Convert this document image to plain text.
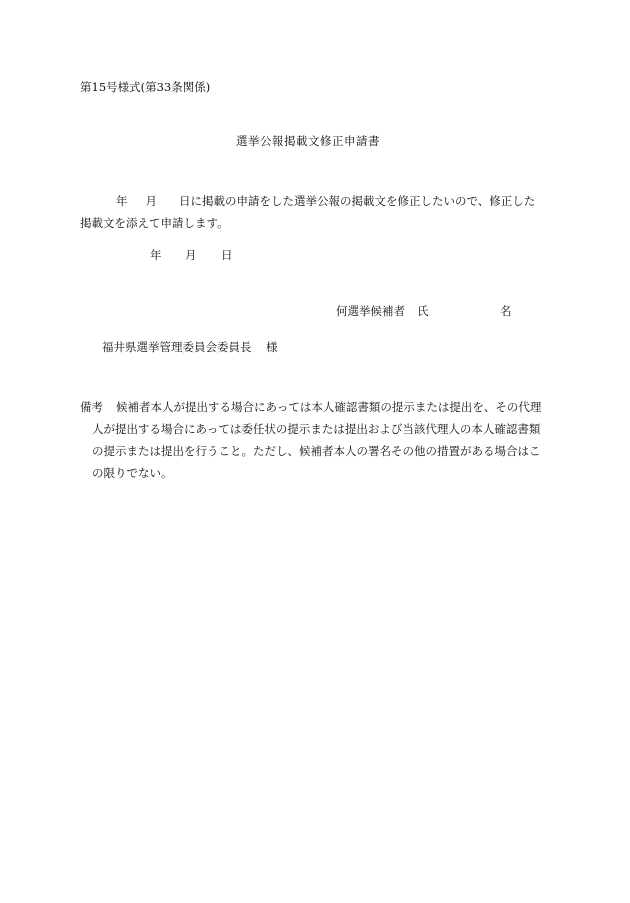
第15号様式(第33条関係)
選挙公報掲載文修正申請書
年 月 日に掲載の申請をした選挙公報の掲載文を修正したいので、修正した
掲載文を添えて申請します。
年 月 日
何選挙候補者 氏	名
福井県選挙管理委員会委員長 様
備考 候補者本人が提出する場合にあっては本人確認書類の提示または提出を、その代理
人が提出する場合にあっては委任状の提示または提出および当該代理人の本人確認書類
の提示または提出を行うこと。ただし、候補者本人の署名その他の措置がある場合はこ
の限りでない。
